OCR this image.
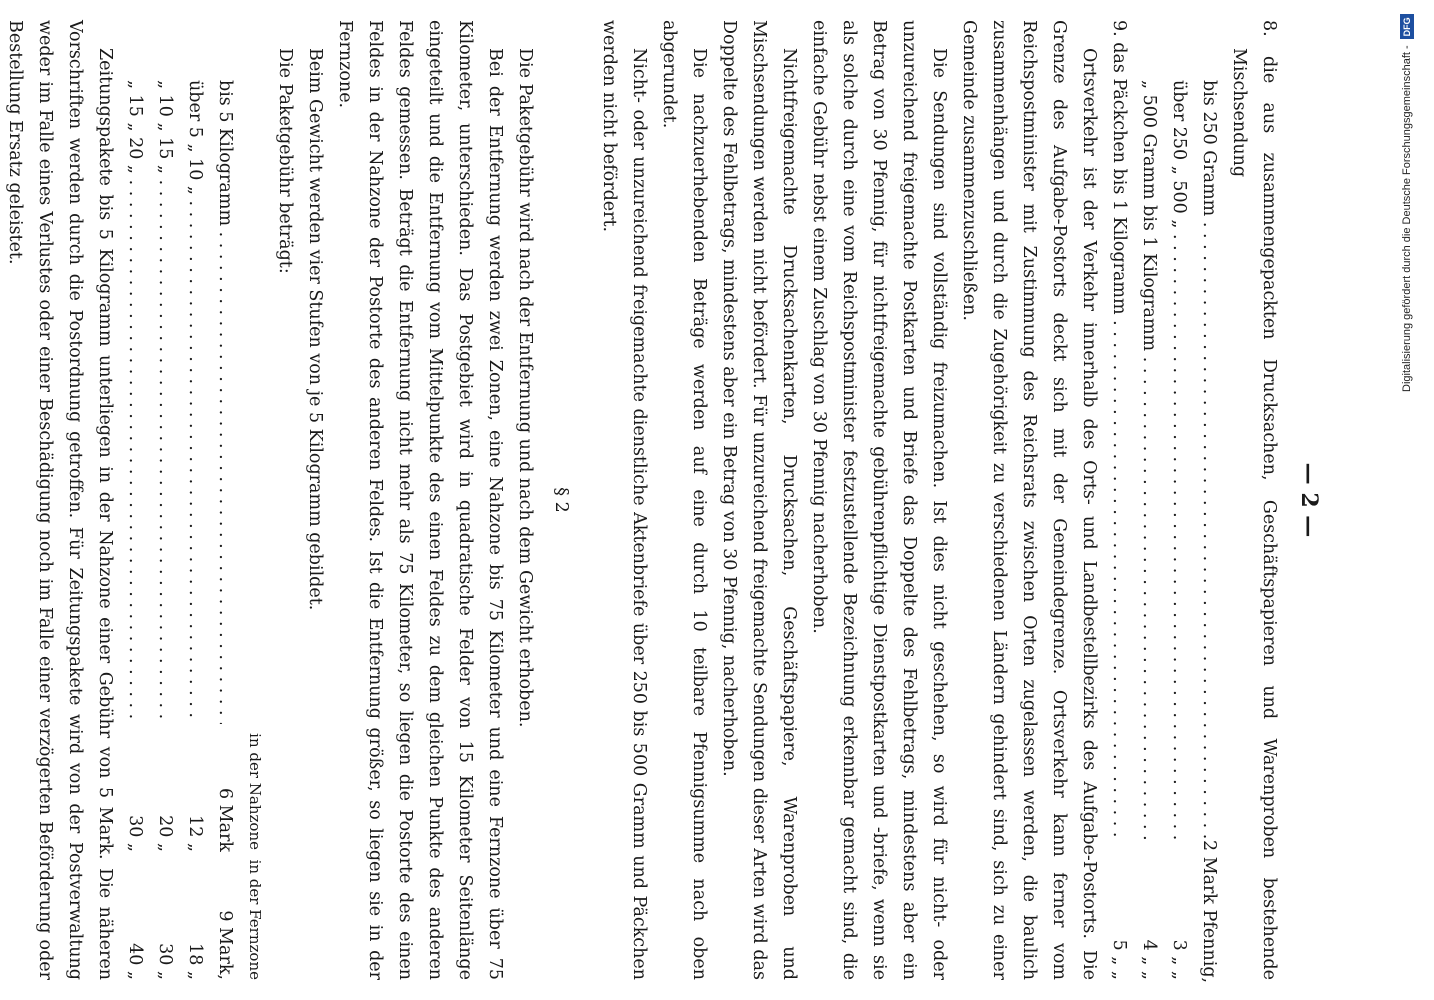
— 2 —

8. die aus zusammengepackten Drucksachen, Geschäftspapieren und Warenproben bestehende Mischsendung

bis 250 Gramm . . .
2 Mark Pfennig,
über 250 „ 500 „ . . .
3 „ „
„ 500 Gramm bis 1 Kilogramm . . .
4 „ „
9. das Päckchen bis 1 Kilogramm . . .
5 „ „

Ortsverkehr ist der Verkehr innerhalb des Orts- und Landbestellbezirks des Aufgabe-Postorts. Die Grenze des Aufgabe-Postorts deckt sich mit der Gemeindegrenze. Ortsverkehr kann ferner vom Reichspostminister mit Zustimmung des Reichsrats zwischen Orten zugelassen werden, die baulich zusammenhängen und durch die Zugehörigkeit zu verschiedenen Ländern gehindert sind, sich zu einer Gemeinde zusammenzuschließen.

Die Sendungen sind vollständig freizumachen. Ist dies nicht geschehen, so wird für nicht- oder unzureichend freigemachte Postkarten und Briefe das Doppelte des Fehlbetrags, mindestens aber ein Betrag von 30 Pfennig, für nichtfreigemachte gebührenpflichtige Dienstpostkarten und -briefe, wenn sie als solche durch eine vom Reichspostminister festzustellende Bezeichnung erkennbar gemacht sind, die einfache Gebühr nebst einem Zuschlag von 30 Pfennig nacherhoben.

Nichtfreigemachte Drucksachenkarten, Drucksachen, Geschäftspapiere, Warenproben und Mischsendungen werden nicht befördert. Für unzureichend freigemachte Sendungen dieser Arten wird das Doppelte des Fehlbetrags, mindestens aber ein Betrag von 30 Pfennig, nacherhoben.

Die nachzuerhebenden Beträge werden auf eine durch 10 teilbare Pfennigsumme nach oben abgerundet.

Nicht- oder unzureichend freigemachte dienstliche Aktenbriefe über 250 bis 500 Gramm und Päckchen werden nicht befördert.

§ 2

Die Paketgebühr wird nach der Entfernung und nach dem Gewicht erhoben.

Bei der Entfernung werden zwei Zonen, eine Nahzone bis 75 Kilometer und eine Fernzone über 75 Kilometer, unterschieden. Das Postgebiet wird in quadratische Felder von 15 Kilometer Seitenlänge eingeteilt und die Entfernung vom Mittelpunkte des einen Feldes zu dem gleichen Punkte des anderen Feldes gemessen. Beträgt die Entfernung nicht mehr als 75 Kilometer, so liegen die Postorte des einen Feldes in der Nahzone der Postorte des anderen Feldes. Ist die Entfernung größer, so liegen sie in der Fernzone.

Beim Gewicht werden vier Stufen von je 5 Kilogramm gebildet.

Die Paketgebühr beträgt:

in der Nahzone
in der Fernzone
bis 5 Kilogramm . . .
6 Mark
9 Mark,
über 5 „ 10 „ . . .
12 „
18 „
„ 10 „ 15 „ . . .
20 „
30 „
„ 15 „ 20 „ . . .
30 „
40 „

Zeitungspakete bis 5 Kilogramm unterliegen in der Nahzone einer Gebühr von 5 Mark. Die näheren Vorschriften werden durch die Postordnung getroffen. Für Zeitungspakete wird von der Postverwaltung weder im Falle eines Verlustes oder einer Beschädigung noch im Falle einer verzögerten Beförderung oder Bestellung Ersatz geleistet.	Digitalisierung gefördert durch die Deutsche Forschungsgemeinschaft -
DFG
